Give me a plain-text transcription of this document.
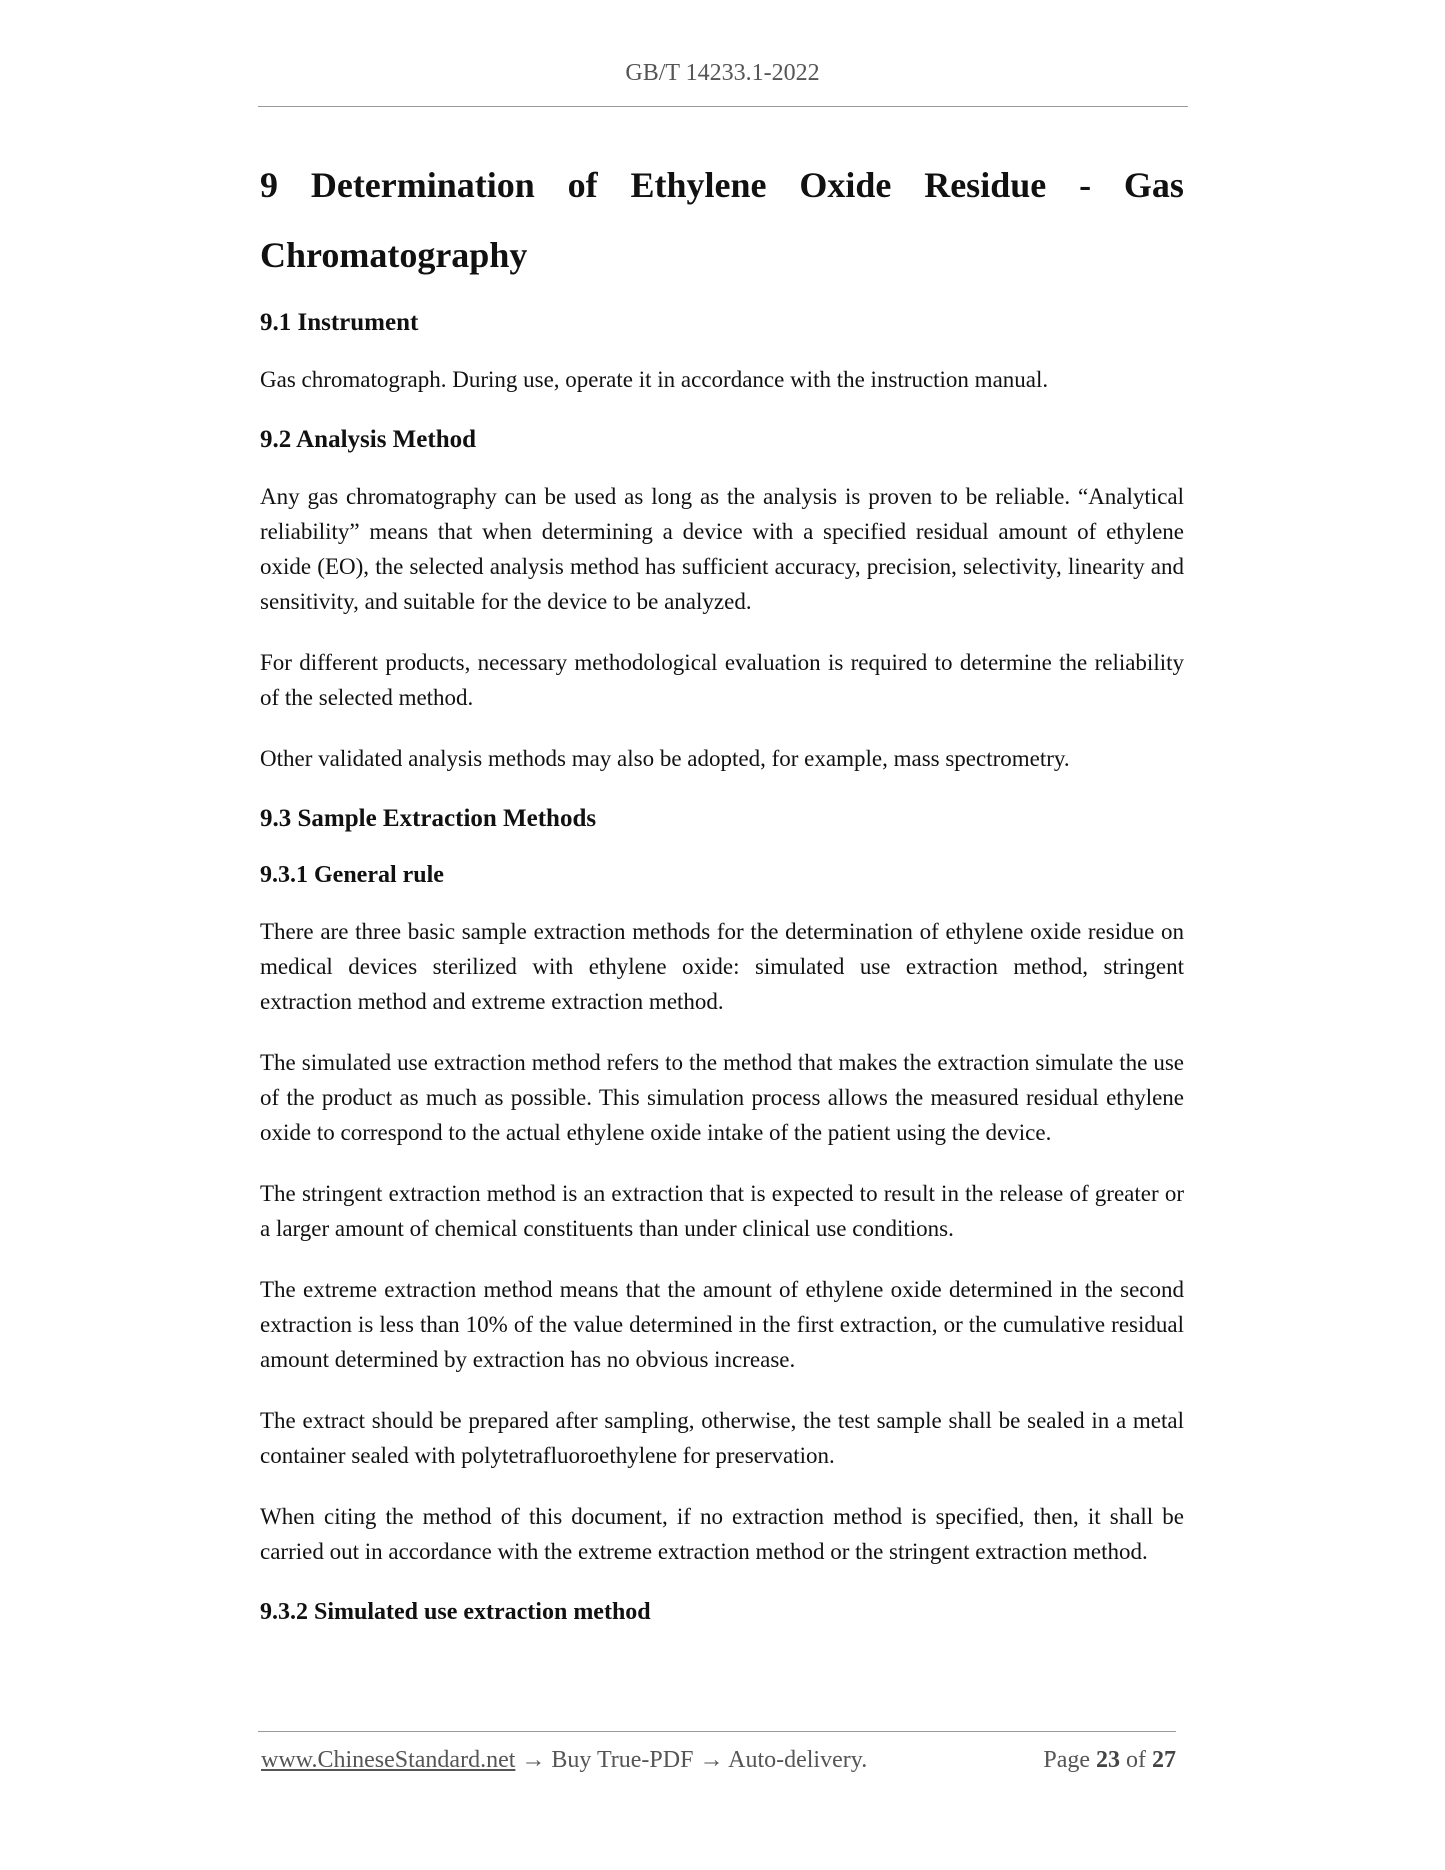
GB/T 14233.1-2022
9 Determination of Ethylene Oxide Residue - Gas
Chromatography
9.1 Instrument

Gas chromatograph. During use, operate it in accordance with the instruction manual.

9.2 Analysis Method

Any gas chromatography can be used as long as the analysis is proven to be reliable. “Analytical reliability” means that when determining a device with a specified residual amount of ethylene oxide (EO), the selected analysis method has sufficient accuracy, precision, selectivity, linearity and sensitivity, and suitable for the device to be analyzed.

For different products, necessary methodological evaluation is required to determine the reliability of the selected method.

Other validated analysis methods may also be adopted, for example, mass spectrometry.

9.3 Sample Extraction Methods
9.3.1 General rule

There are three basic sample extraction methods for the determination of ethylene oxide residue on medical devices sterilized with ethylene oxide: simulated use extraction method, stringent extraction method and extreme extraction method.

The simulated use extraction method refers to the method that makes the extraction simulate the use of the product as much as possible. This simulation process allows the measured residual ethylene oxide to correspond to the actual ethylene oxide intake of the patient using the device.

The stringent extraction method is an extraction that is expected to result in the release of greater or a larger amount of chemical constituents than under clinical use conditions.

The extreme extraction method means that the amount of ethylene oxide determined in the second extraction is less than 10% of the value determined in the first extraction, or the cumulative residual amount determined by extraction has no obvious increase.

The extract should be prepared after sampling, otherwise, the test sample shall be sealed in a metal container sealed with polytetrafluoroethylene for preservation.

When citing the method of this document, if no extraction method is specified, then, it shall be carried out in accordance with the extreme extraction method or the stringent extraction method.

9.3.2 Simulated use extraction method
www.ChineseStandard.net → Buy True-PDF → Auto-delivery.	Page 23 of 27
